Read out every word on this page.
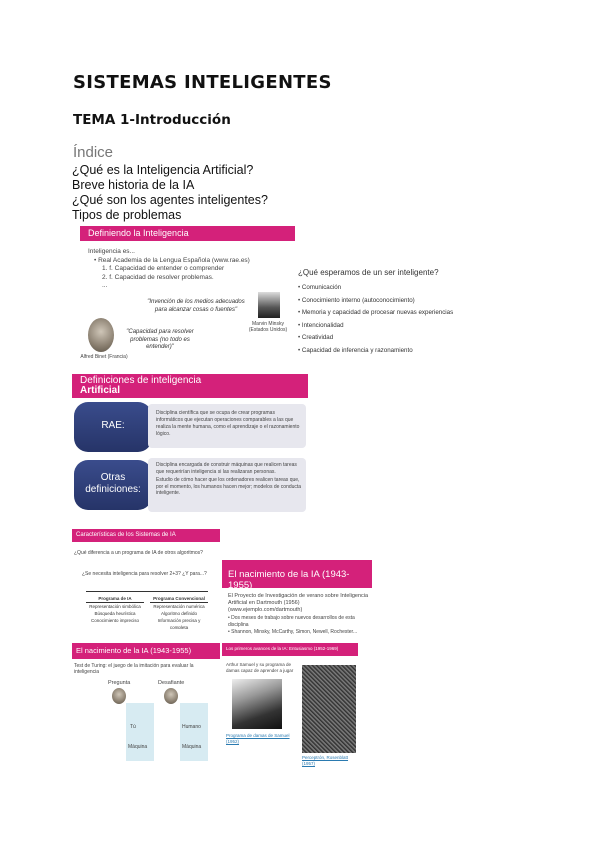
SISTEMAS INTELIGENTES
TEMA 1-Introducción
Índice
¿Qué es la Inteligencia Artificial?
Breve historia de la IA
¿Qué son los agentes inteligentes?
Tipos de problemas
Definiendo la Inteligencia
Inteligencia es...
• Real Academia de la Lengua Española (www.rae.es)
1. f. Capacidad de entender o comprender
2. f. Capacidad de resolver problemas.
...
"Invención de los medios adecuados para alcanzar cosas o fuentes"
Marvin Minsky (Estados Unidos)
"Capacidad para resolver problemas (no todo es entender)"
Alfred Binet (Francia)
¿Qué esperamos de un ser inteligente?
• Comunicación
• Conocimiento interno (autoconocimiento)
• Memoria y capacidad de procesar nuevas experiencias
• Intencionalidad
• Creatividad
• Capacidad de inferencia y razonamiento
Definiciones de inteligencia
Artificial
RAE:
Disciplina científica que se ocupa de crear programas informáticos que ejecutan operaciones comparables a las que realiza la mente humana, como el aprendizaje o el razonamiento lógico.
Otras
definiciones:
Disciplina encargada de construir máquinas que realicen tareas que requerirían inteligencia si las realizaran personas.
Estudio de cómo hacer que los ordenadores realicen tareas que, por el momento, los humanos hacen mejor; modelos de conducta inteligente.
Características de los Sistemas de IA
¿Qué diferencia a un programa de IA de otros algoritmos?
¿Se necesita inteligencia para resolver 2+3? ¿Y para...?
Programa de IA
Representación simbólica
Búsqueda heurística
Conocimiento impreciso
Programa Convencional
Representación numérica
Algoritmo definido
Información precisa y completa
El nacimiento de la IA (1943-1955)
El Proyecto de Investigación de verano sobre Inteligencia Artificial en Dartmouth (1956) (www.ejemplo.com/dartmouth)
• Dos meses de trabajo sobre nuevos desarrollos de esta disciplina
• Shannon, Minsky, McCarthy, Simon, Newell, Rochester...
El nacimiento de la IA (1943-1955)
Test de Turing: el juego de la imitación para evaluar la inteligencia
Pregunta	Desafiante
Tú
Máquina
Humano
Máquina
Los primeros avances de la IA: Entusiasmo (1952-1969)
Arthur Samuel y su programa de damas capaz de aprender a jugar
Programa de damas de Samuel (1952)
Perceptrón, Rosenblatt (1957)
